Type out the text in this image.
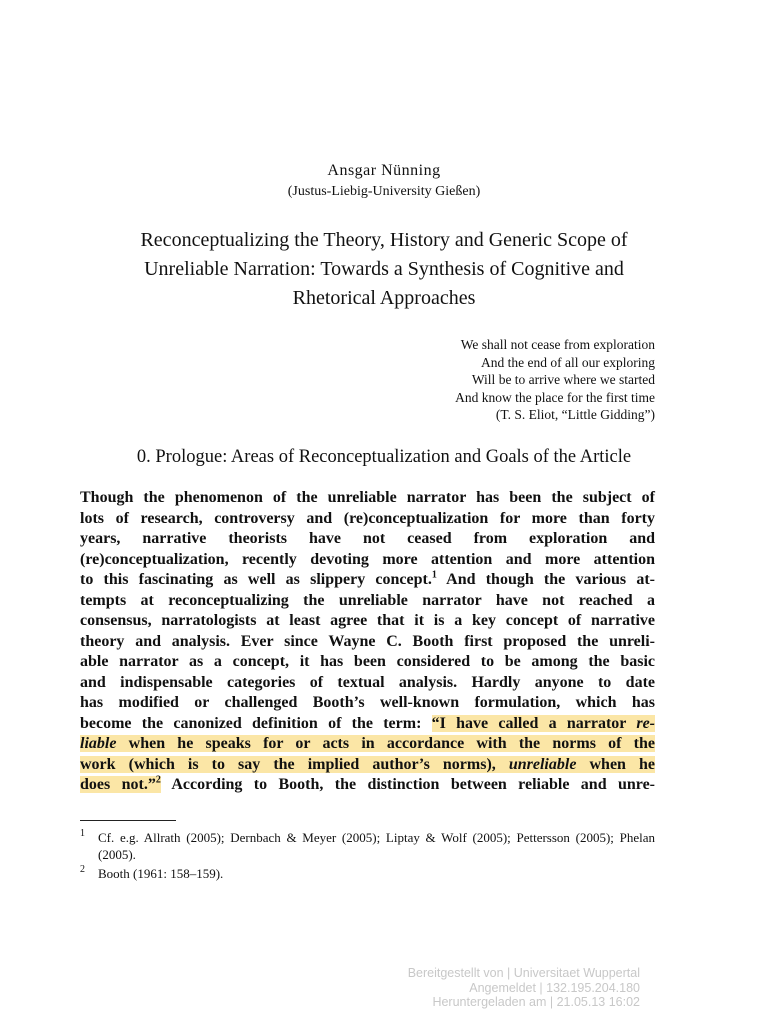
Ansgar Nünning
(Justus-Liebig-University Gießen)
Reconceptualizing the Theory, History and Generic Scope of
Unreliable Narration: Towards a Synthesis of Cognitive and
Rhetorical Approaches
We shall not cease from exploration
And the end of all our exploring
Will be to arrive where we started
And know the place for the first time
(T. S. Eliot, “Little Gidding”)
0. Prologue: Areas of Reconceptualization and Goals of the Article
Though the phenomenon of the unreliable narrator has been the subject of
lots of research, controversy and (re)conceptualization for more than forty
years, narrative theorists have not ceased from exploration and
(re)conceptualization, recently devoting more attention and more attention
to this fascinating as well as slippery concept.$^1$ And though the various at-
tempts at reconceptualizing the unreliable narrator have not reached a
consensus, narratologists at least agree that it is a key concept of narrative
theory and analysis. Ever since Wayne C. Booth first proposed the unreli-
able narrator as a concept, it has been considered to be among the basic
and indispensable categories of textual analysis. Hardly anyone to date
has modified or challenged Booth’s well-known formulation, which has
become the canonized definition of the term: “I have called a narrator re-
liable when he speaks for or acts in accordance with the norms of the
work (which is to say the implied author’s norms), unreliable when he
does not.”$^2$ According to Booth, the distinction between reliable and unre-
1 Cf. e.g. Allrath (2005); Dernbach & Meyer (2005); Liptay & Wolf (2005); Pettersson (2005); Phelan (2005).
2 Booth (1961: 158–159).
Bereitgestellt von | Universitaet Wuppertal
Angemeldet | 132.195.204.180
Heruntergeladen am | 21.05.13 16:02
